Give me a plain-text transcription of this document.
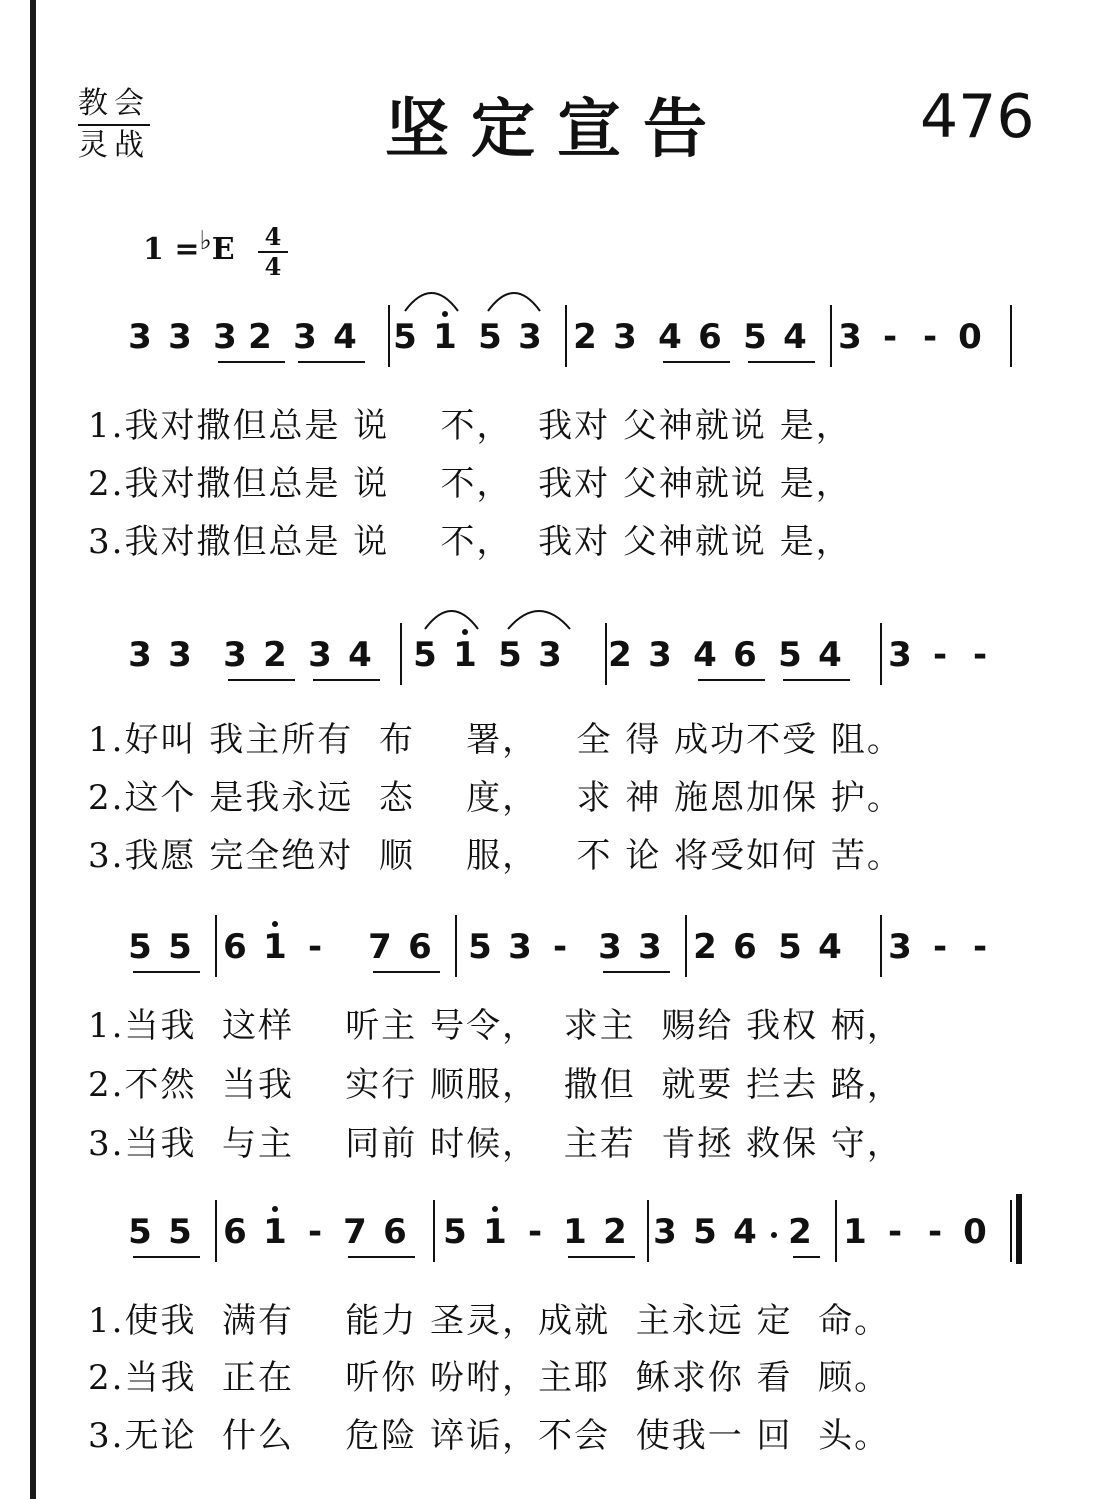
教会
灵战	坚定宣告	476
1 =♭E 4
4
3 3 3 2 3 4 5 1 5 3 2 3 4 6 5 4 3 - - 0
1.我对撒但总是 说    不，  我对 父神就说 是，
2.我对撒但总是 说    不，  我对 父神就说 是，
3.我对撒但总是 说    不，  我对 父神就说 是，
3 3 3 2 3 4 5 1 5 3 2 3 4 6 5 4 3 - -
1.好叫 我主所有  布    署，   全 得 成功不受 阻。
2.这个 是我永远  态    度，   求 神 施恩加保 护。
3.我愿 完全绝对  顺    服，   不 论 将受如何 苦。
5 5 6 1 - 7 6 5 3 - 3 3 2 6 5 4 3 - -
1.当我  这样    听主 号令，  求主  赐给 我权 柄，
2.不然  当我    实行 顺服，  撒但  就要 拦去 路，
3.当我  与主    同前 时候，  主若  肯拯 救保 守，
5 5 6 1 - 7 6 5 1 - 1 2 3 5 4 2 1 - - 0
1.使我  满有    能力 圣灵，成就  主永远 定  命。
2.当我  正在    听你 吩咐，主耶  稣求你 看  顾。
3.无论  什么    危险 谇诟，不会  使我一 回  头。
